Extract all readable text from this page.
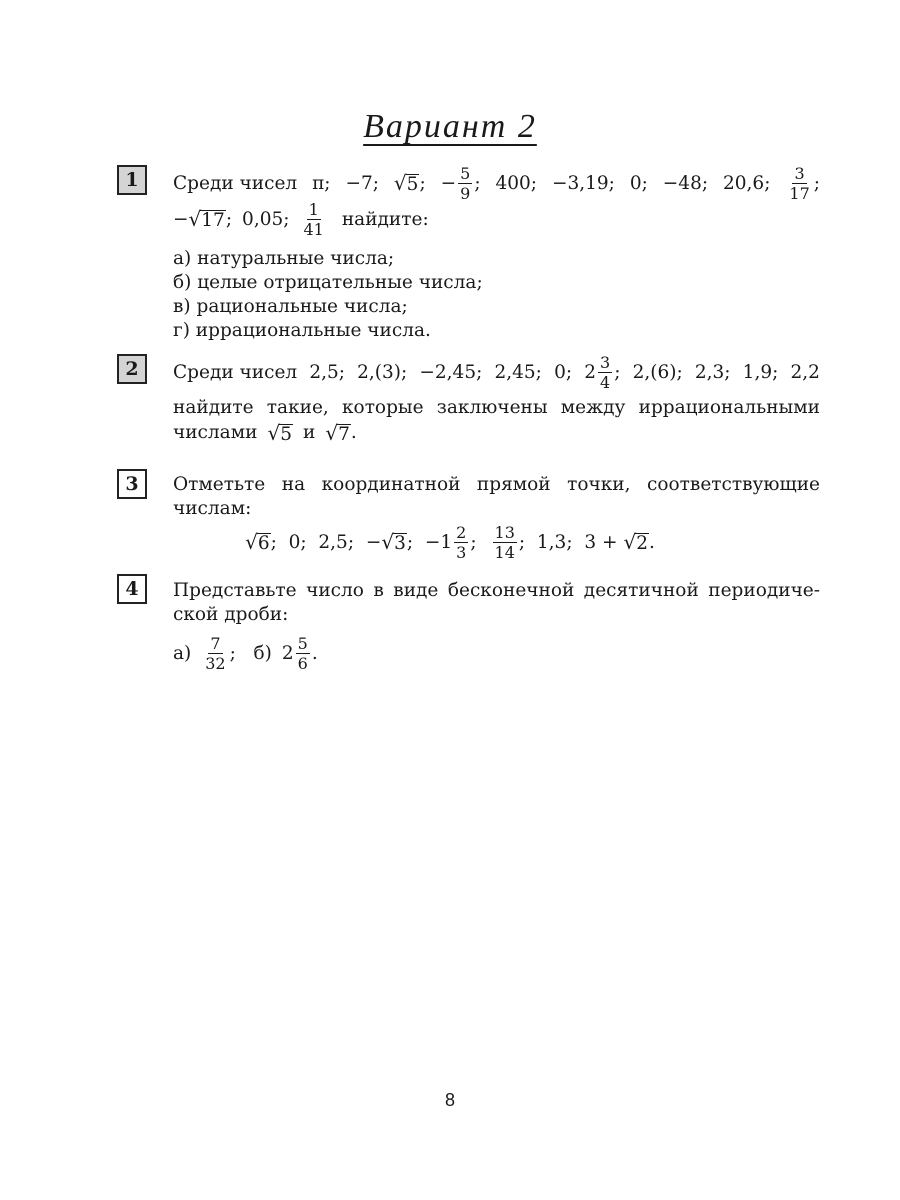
Вариант 2
1	Среди чисел π; −7; √ 5 ; − $\frac{5}{9}$ ; 400; −3,19; 0; −48; 20,6; $\frac{3}{17}$ ;
− √ 17 ; 0,05; $\frac{1}{41}$ найдите:
а) натуральные числа;
б) целые отрицательные числа;
в) рациональные числа;
г) иррациональные числа.
2	Среди чисел 2,5; 2,(3); −2,45; 2,45; 0; $2 \frac{3}{4}$ ; 2,(6); 2,3; 1,9; 2,2
найдите такие, которые заключены между иррациональными
числами √ 5 и √ 7 .
3	Отметьте на координатной прямой точки, соответствующие
числам:
√ 6 ;  0;  2,5;  − √ 3 ;  $-1 \frac{2}{3}$ ; $\frac{13}{14}$ ;  1,3;  3 + √ 2 .
4	Представьте число в виде бесконечной десятичной периодиче-
ской дроби:
$а) \frac{7}{32}$ ;   б) $2 \frac{5}{6}$ .
8
